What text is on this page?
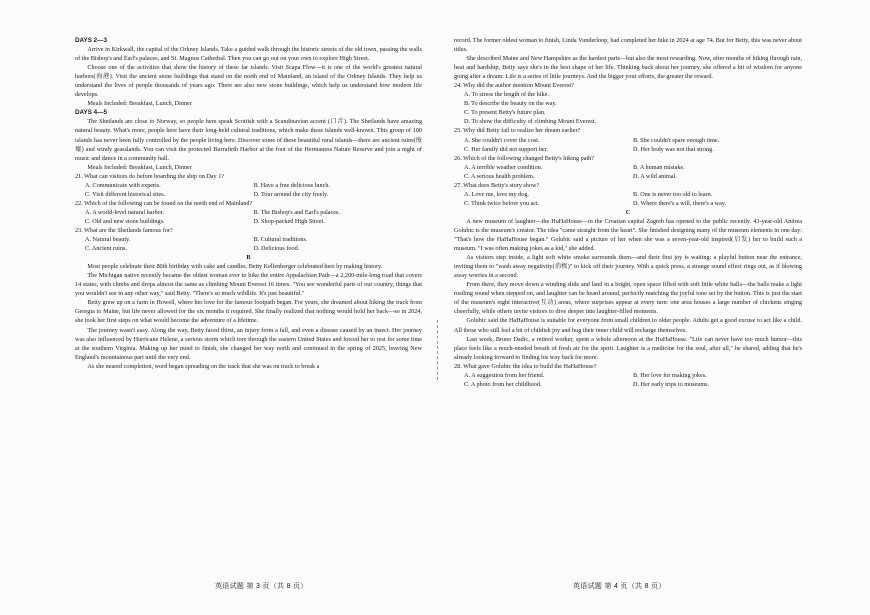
DAYS 2—3

Arrive in Kirkwall, the capital of the Orkney Islands. Take a guided walk through the historic streets of the old town, passing the walls of the Bishop's and Earl's palaces, and St. Magnus Cathedral. Then you can go out on your own to explore High Street.

Choose one of the activities that show the history of these far islands. Visit Scapa Flow—it is one of the world's greatest natural harbors(海港). Visit the ancient stone buildings that stand on the north end of Mainland, an island of the Orkney Islands. They help us understand the lives of people thousands of years ago. There are also new stone buildings, which help us understand how modern life develops.

Meals Included: Breakfast, Lunch, Dinner

DAYS 4—5

The Shetlands are close to Norway, so people here speak Scottish with a Scandinavian accent (口音). The Shetlands have amazing natural beauty. What's more, people here have their long-held cultural traditions, which make these islands well-known. This group of 100 islands has never been fully controlled by the people living here. Discover some of these beautiful rural islands—there are ancient ruins(废墟) and windy grasslands. You can visit the protected Burrafirth Harbor at the foot of the Hermaness Nature Reserve and join a night of music and dance in a community hall.

Meals Included: Breakfast, Lunch, Dinner

21. What can visitors do before boarding the ship on Day 1?

A. Communicate with experts.	B. Have a free delicious lunch.
C. Visit different historical sites.	D. Tour around the city freely.

22. Which of the following can be found on the north end of Mainland?

A. A world-level natural harbor.	B. The Bishop's and Earl's palaces.
C. Old and new stone buildings.	D. Shop-packed High Street.

23. What are the Shetlands famous for?

A. Natural beauty.	B. Cultural traditions.
C. Ancient ruins.	D. Delicious food.

B

Most people celebrate their 80th birthday with cake and candles. Betty Kellenberger celebrated hers by making history.

The Michigan native recently became the oldest woman ever to hike the entire Appalachian Path—a 2,200-mile-long road that covers 14 states, with climbs and drops almost the same as climbing Mount Everest 16 times. "You see wonderful parts of our country, things that you wouldn't see in any other way," said Betty. "There's so much wildlife. It's just beautiful."

Betty grew up on a farm in Howell, where her love for the famous footpath began. For years, she dreamed about hiking the track from Georgia to Maine, but life never allowed for the six months it required. She finally realized that nothing would hold her back—so in 2024, she took her first steps on what would become the adventure of a lifetime.

The journey wasn't easy. Along the way, Betty faced thirst, an injury from a fall, and even a disease caused by an insect. Her journey was also influenced by Hurricane Helene, a serious storm which tore through the eastern United States and forced her to rest for some time at the southern Virginia. Making up her mind to finish, she changed her way north and continued in the spring of 2025, braving New England's mountainous part until the very end.

As she neared completion, word began spreading on the track that she was on track to break a

record. The former oldest woman to finish, Linda Vunderloop, had completed her hike in 2024 at age 74. But for Betty, this was never about titles.

She described Maine and New Hampshire as the hardest parts—but also the most rewarding. Now, after months of hiking through rain, heat and hardship, Betty says she's in the best shape of her life. Thinking back about her journey, she offered a bit of wisdom for anyone going after a dream: Life is a series of little journeys. And the bigger your efforts, the greater the reward.

24. Why did the author mention Mount Everest?

A. To stress the length of the hike.

B. To describe the beauty on the way.

C. To present Betty's future plan.

D. To show the difficulty of climbing Mount Everest.

25. Why did Betty fail to realize her dream earlier?

A. She couldn't cover the cost.	B. She couldn't spare enough time.
C. Her family did not support her.	D. Her body was not that strong.

26. Which of the following changed Betty's hiking path?

A. A terrible weather condition.	B. A human mistake.
C. A serious health problem.	D. A wild animal.

27. What does Betty's story show?

A. Love me, love my dog.	B. One is never too old to learn.
C. Think twice before you act.	D. Where there's a will, there's a way.

C

A new museum of laughter—the HuHaHouse—in the Croatian capital Zagreb has opened to the public recently. 43-year-old Andrea Golubic is the museum's creator. The idea "came straight from the heart". She finished designing many of the museum elements in one day: "That's how the HaHaHouse began." Golubic said a picture of her when she was a seven-year-old inspired(启发) her to build such a museum. "I was often making jokes as a kid," she added.

As visitors step inside, a light soft white smoke surrounds them—and their first joy is waiting: a playful button near the entrance, inviting them to "wash away negativity(消极)" to kick off their journey. With a quick press, a strange sound effect rings out, as if blowing away worries in a second.

From there, they move down a winding slide and land in a bright, open space filled with soft little white balls—the balls make a light rustling sound when stepped on, and laughter can be heard around, perfectly matching the joyful tone set by the button. This is just the start of the museum's eight interactive(互动) areas, where surprises appear at every turn: one area houses a large number of chickens singing cheerfully, while others invite visitors to dive deeper into laughter-filled moments.

Golubic said the HaHaHouse is suitable for everyone from small children to older people. Adults get a good excuse to act like a child. All those who still feel a bit of childish joy and hug their inner child will recharge themselves.

Last week, Bruno Dadic, a retired worker, spent a whole afternoon at the HuHaHouse. "Life can never have too much humor—this place feels like a much-needed breath of fresh air for the spirit. Laughter is a medicine for the soul, after all," he shared, adding that he's already looking forward to finding his way back for more.

28. What gave Golubic the idea to build the HaHaHouse?

A. A suggestion from her friend.	B. Her love for making jokes.
C. A photo from her childhood.	D. Her early trips to museums.
英语试题 第 3 页（共 8 页）	英语试题 第 4 页（共 8 页）
